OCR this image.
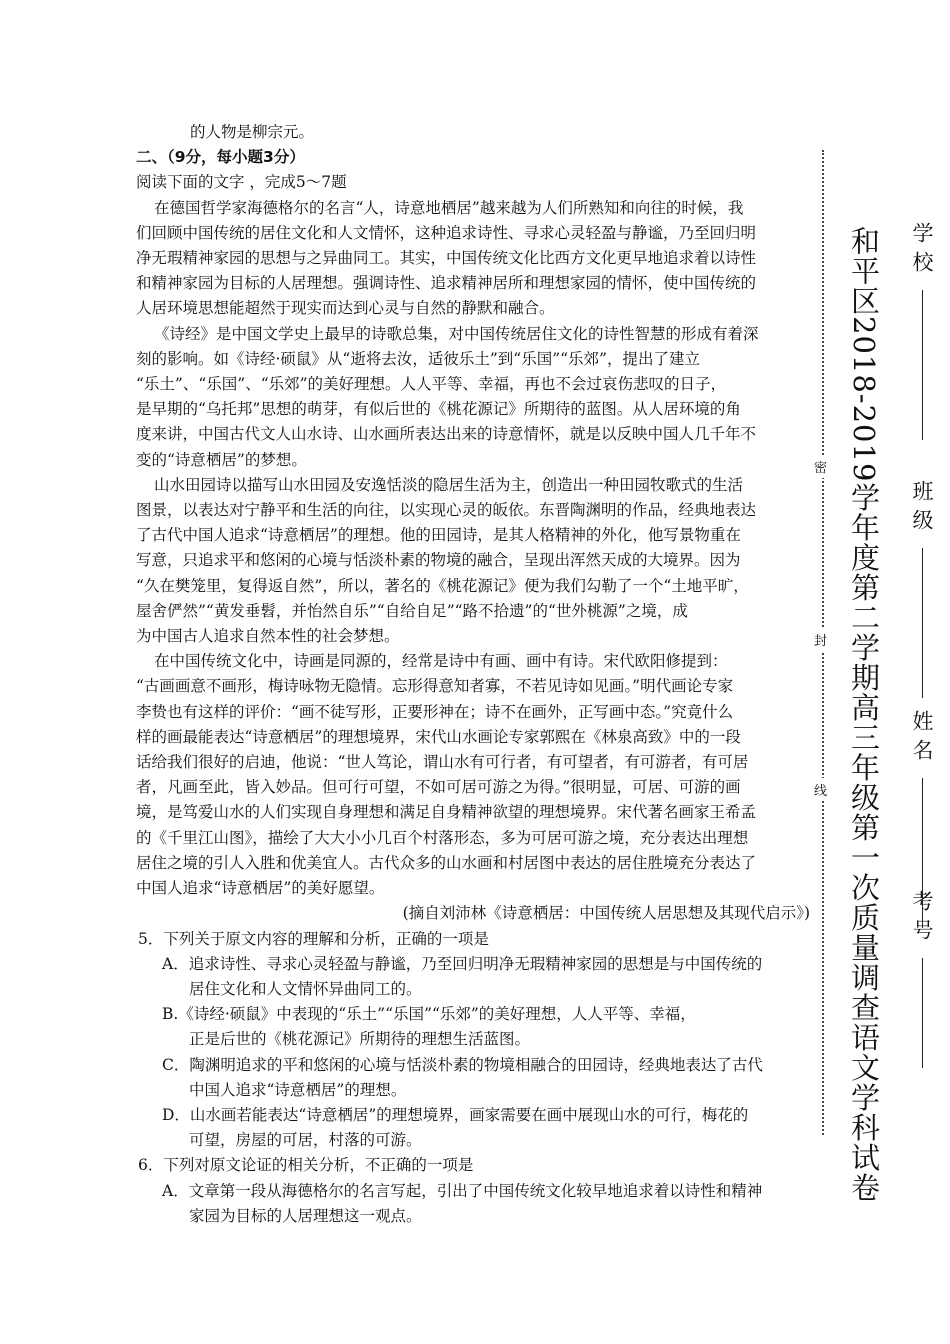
的人物是柳宗元。
二、（9分，每小题3分）
阅读下面的文字 ，完成5～7题
在德国哲学家海德格尔的名言“人，诗意地栖居”越来越为人们所熟知和向往的时候，我
们回顾中国传统的居住文化和人文情怀，这种追求诗性、寻求心灵轻盈与静谧，乃至回归明
净无瑕精神家园的思想与之异曲同工。其实，中国传统文化比西方文化更早地追求着以诗性
和精神家园为目标的人居理想。强调诗性、追求精神居所和理想家园的情怀，使中国传统的
人居环境思想能超然于现实而达到心灵与自然的静默和融合。
《诗经》是中国文学史上最早的诗歌总集，对中国传统居住文化的诗性智慧的形成有着深
刻的影响。如《诗经·硕鼠》从“逝将去汝，适彼乐土”到“乐国”“乐郊”，提出了建立
“乐土”、“乐国”、“乐郊”的美好理想。人人平等、幸福，再也不会过哀伤悲叹的日子，
是早期的“乌托邦”思想的萌芽，有似后世的《桃花源记》所期待的蓝图。从人居环境的角
度来讲，中国古代文人山水诗、山水画所表达出来的诗意情怀，就是以反映中国人几千年不
变的“诗意栖居”的梦想。
山水田园诗以描写山水田园及安逸恬淡的隐居生活为主，创造出一种田园牧歌式的生活
图景，以表达对宁静平和生活的向往，以实现心灵的皈依。东晋陶渊明的作品，经典地表达
了古代中国人追求“诗意栖居”的理想。他的田园诗，是其人格精神的外化，他写景物重在
写意，只追求平和悠闲的心境与恬淡朴素的物境的融合，呈现出浑然天成的大境界。因为
“久在樊笼里，复得返自然”，所以，著名的《桃花源记》便为我们勾勒了一个“土地平旷，
屋舍俨然”“黄发垂髫，并怡然自乐”“自给自足”“路不拾遗”的“世外桃源”之境，成
为中国古人追求自然本性的社会梦想。
在中国传统文化中，诗画是同源的，经常是诗中有画、画中有诗。宋代欧阳修提到：
“古画画意不画形，梅诗咏物无隐情。忘形得意知者寡，不若见诗如见画。”明代画论专家
李贽也有这样的评价：“画不徒写形，正要形神在；诗不在画外，正写画中态。”究竟什么
样的画最能表达“诗意栖居”的理想境界，宋代山水画论专家郭熙在《林泉高致》中的一段
话给我们很好的启迪，他说：“世人笃论，谓山水有可行者，有可望者，有可游者，有可居
者，凡画至此，皆入妙品。但可行可望，不如可居可游之为得。”很明显，可居、可游的画
境，是笃爱山水的人们实现自身理想和满足自身精神欲望的理想境界。宋代著名画家王希孟
的《千里江山图》，描绘了大大小小几百个村落形态，多为可居可游之境，充分表达出理想
居住之境的引人入胜和优美宜人。古代众多的山水画和村居图中表达的居住胜境充分表达了
中国人追求“诗意栖居”的美好愿望。
(摘自刘沛林《诗意栖居：中国传统人居思想及其现代启示》)
5．下列关于原文内容的理解和分析，正确的一项是
A．追求诗性、寻求心灵轻盈与静谧，乃至回归明净无瑕精神家园的思想是与中国传统的
居住文化和人文情怀异曲同工的。
B.《诗经·硕鼠》中表现的“乐土”“乐国”“乐郊”的美好理想，人人平等、幸福，
正是后世的《桃花源记》所期待的理想生活蓝图。
C．陶渊明追求的平和悠闲的心境与恬淡朴素的物境相融合的田园诗，经典地表达了古代
中国人追求“诗意栖居”的理想。
D．山水画若能表达“诗意栖居”的理想境界，画家需要在画中展现山水的可行，梅花的
可望，房屋的可居，村落的可游。
6．下列对原文论证的相关分析，不正确的一项是
A．文章第一段从海德格尔的名言写起，引出了中国传统文化较早地追求着以诗性和精神
家园为目标的人居理想这一观点。
密
封
线 和平区2018-2019学年度第二学期高三年级第一次质量调查语文学科试卷 学校
班级
姓名
考号
